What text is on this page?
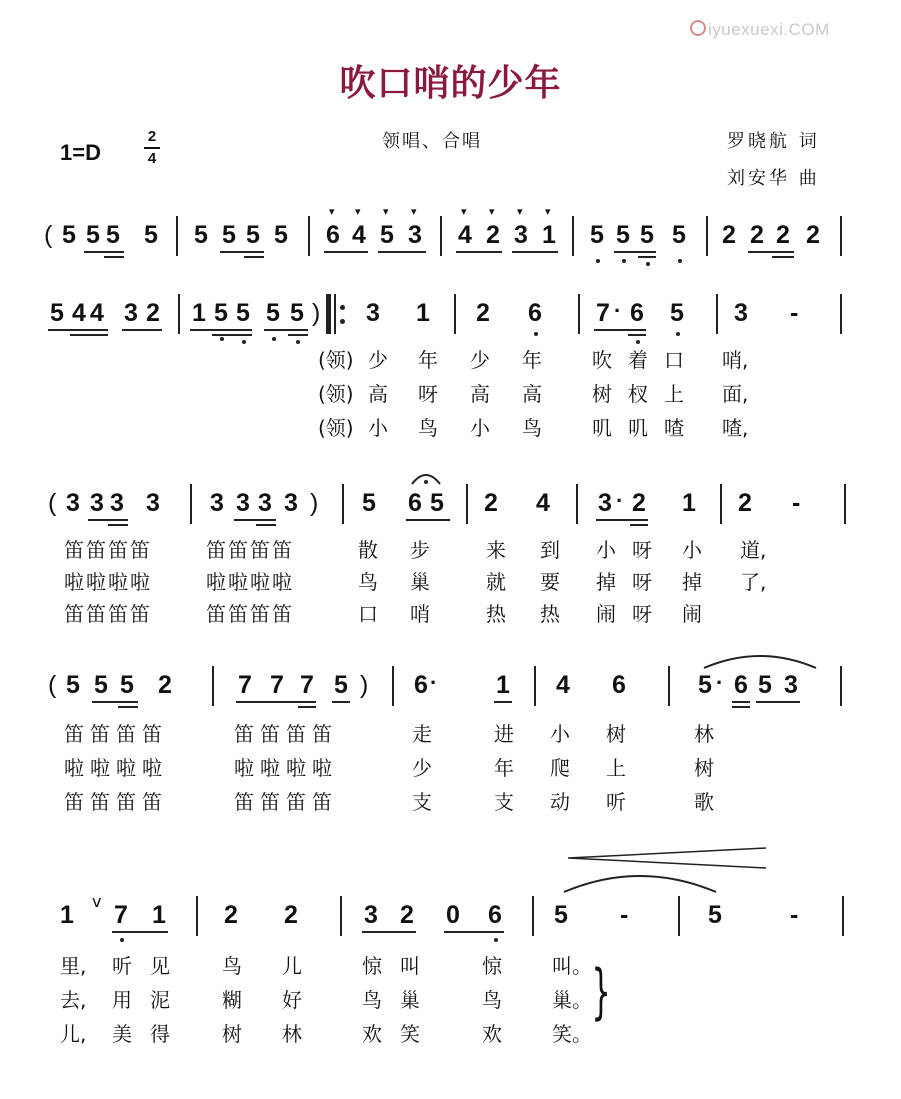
iyuexuexi.COM
吹口哨的少年
1=D
2
4
领唱、合唱	罗晓航 词
刘安华 曲
( 5 5 5 5 5 5 5 5
▾ ▾ ▾ ▾
6 4 5 3
▾ ▾ ▾ ▾
4 2 3 1 5 5 5 5 2 2 2 2
5 4 4 3 2 1 5 5 5 5 ) 3 1 2 6 7 · 6 5 3 -
(领) 少 年 少 年	吹 着 口 哨,
(领) 高 呀 高 高	树 杈 上 面,
(领) 小 鸟 小 鸟	叽 叽 喳 喳,
( 3 3 3 3 3 3 3 3 ) 5 6 5 2 4 3 · 2 1 2 -
笛笛笛笛	笛笛笛笛	散 步	来 到 小 呀 小 道,
啦啦啦啦	啦啦啦啦	鸟 巢	就 要 掉 呀 掉 了,
笛笛笛笛	笛笛笛笛	口 哨	热 热 闹 呀 闹
( 5 5 5 2	7 7 7 5 ) 6 · 1 4 6	5 · 6 5 3
笛笛笛笛	笛笛笛笛	走	进 小 树	林
啦啦啦啦	啦啦啦啦	少	年 爬 上	树
笛笛笛笛	笛笛笛笛	支	支 动 听	歌
1 v 7 1 2 2	3 2 0 6 5 -	5	-
里, 听 见	鸟 儿	惊 叫	惊	叫。
去, 用 泥	糊 好	鸟 巢	鸟	巢。
儿, 美 得	树 林	欢 笑	欢	笑。
}
